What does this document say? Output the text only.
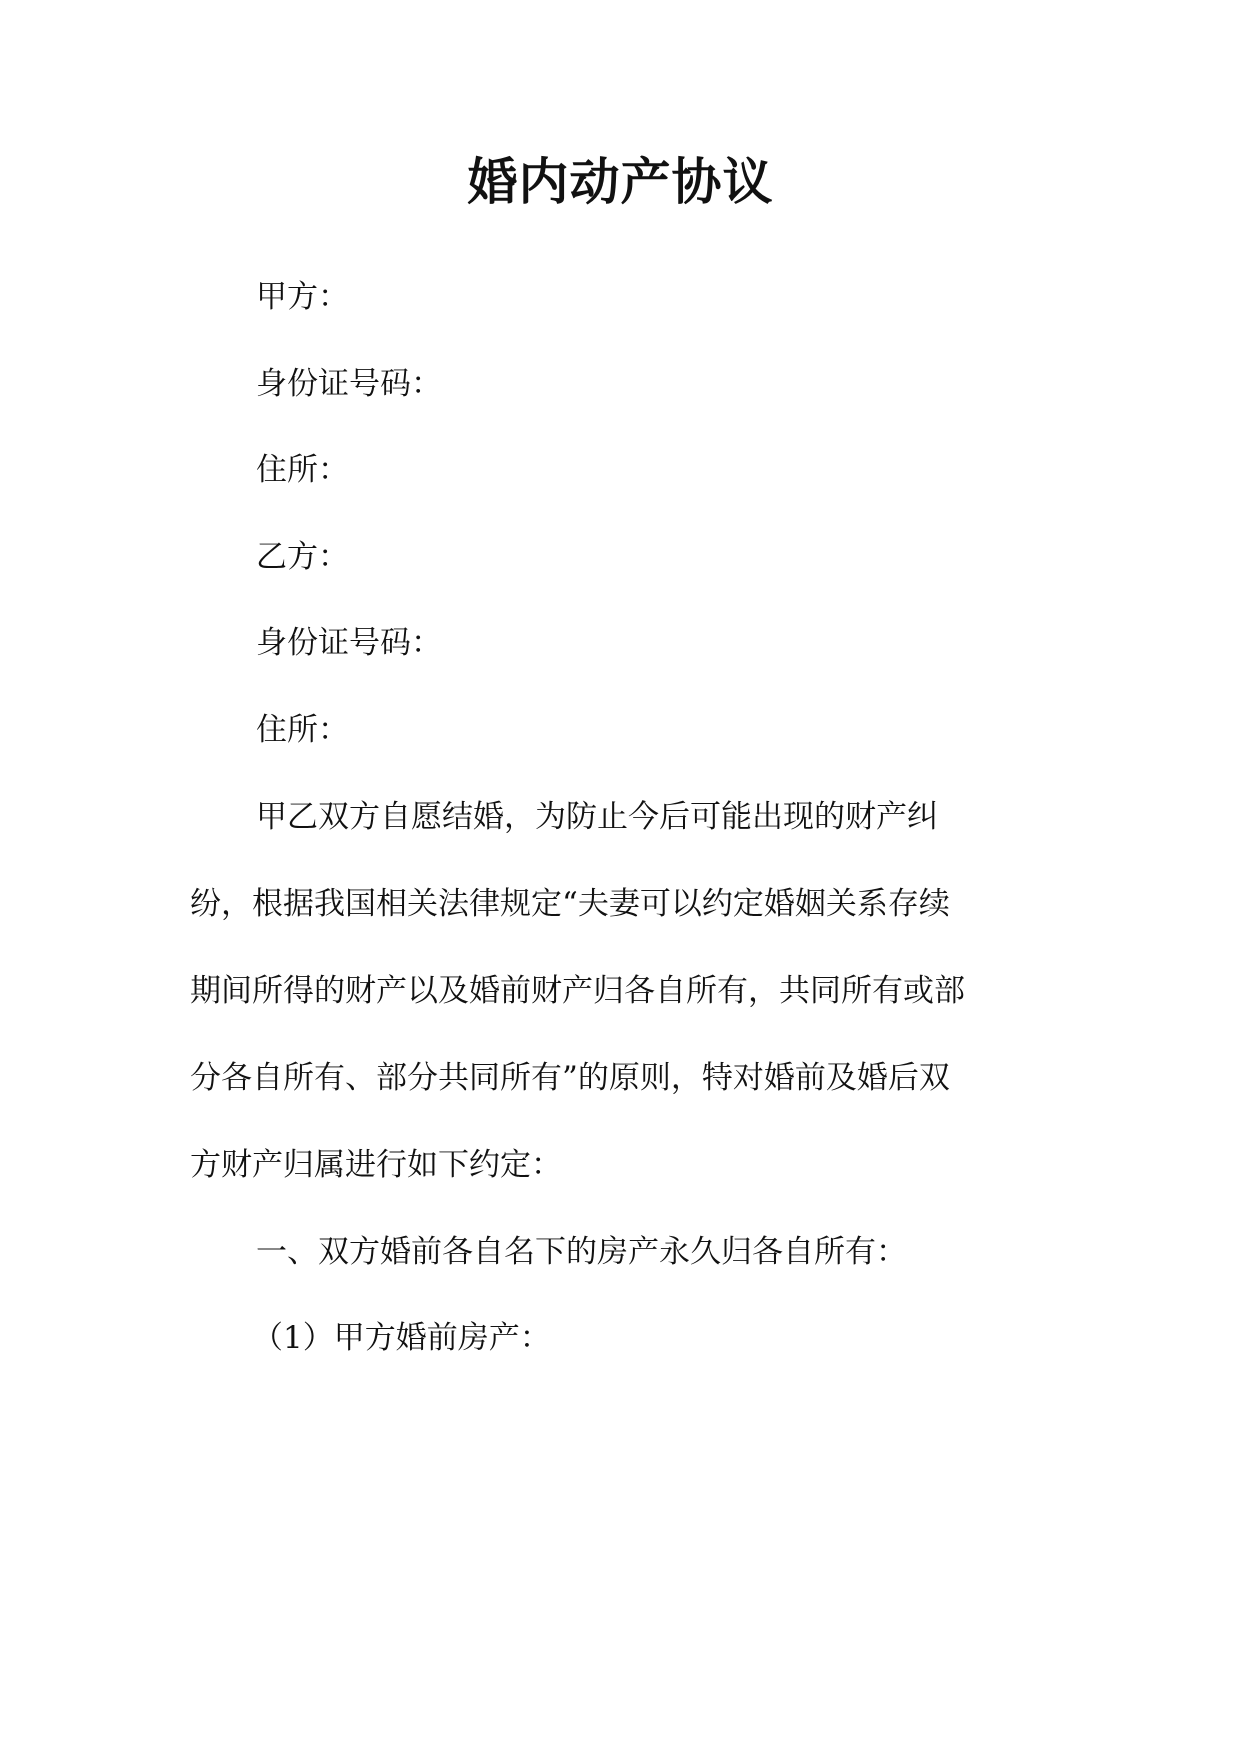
婚内动产协议
甲方：
身份证号码：
住所：
乙方：
身份证号码：
住所：
甲乙双方自愿结婚，为防止今后可能出现的财产纠
纷，根据我国相关法律规定“夫妻可以约定婚姻关系存续
期间所得的财产以及婚前财产归各自所有，共同所有或部
分各自所有、部分共同所有”的原则，特对婚前及婚后双
方财产归属进行如下约定：
一、双方婚前各自名下的房产永久归各自所有：
（1）甲方婚前房产：
